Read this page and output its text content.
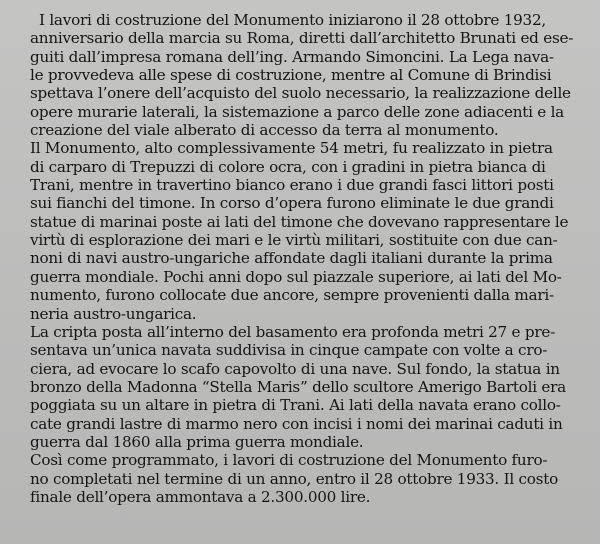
I lavori di costruzione del Monumento iniziarono il 28 ottobre 1932,
anniversario della marcia su Roma, diretti dall’architetto Brunati ed ese-
guiti dall’impresa romana dell’ing. Armando Simoncini. La Lega nava-
le provvedeva alle spese di costruzione, mentre al Comune di Brindisi
spettava l’onere dell’acquisto del suolo necessario, la realizzazione delle
opere murarie laterali, la sistemazione a parco delle zone adiacenti e la
creazione del viale alberato di accesso da terra al monumento.
Il Monumento, alto complessivamente 54 metri, fu realizzato in pietra
di carparo di Trepuzzi di colore ocra, con i gradini in pietra bianca di
Trani, mentre in travertino bianco erano i due grandi fasci littori posti
sui fianchi del timone. In corso d’opera furono eliminate le due grandi
statue di marinai poste ai lati del timone che dovevano rappresentare le
virtù di esplorazione dei mari e le virtù militari, sostituite con due can-
noni di navi austro-ungariche affondate dagli italiani durante la prima
guerra mondiale. Pochi anni dopo sul piazzale superiore, ai lati del Mo-
numento, furono collocate due ancore, sempre provenienti dalla mari-
neria austro-ungarica.
La cripta posta all’interno del basamento era profonda metri 27 e pre-
sentava un’unica navata suddivisa in cinque campate con volte a cro-
ciera, ad evocare lo scafo capovolto di una nave. Sul fondo, la statua in
bronzo della Madonna “Stella Maris” dello scultore Amerigo Bartoli era
poggiata su un altare in pietra di Trani. Ai lati della navata erano collo-
cate grandi lastre di marmo nero con incisi i nomi dei marinai caduti in
guerra dal 1860 alla prima guerra mondiale.
Così come programmato, i lavori di costruzione del Monumento furo-
no completati nel termine di un anno, entro il 28 ottobre 1933. Il costo
finale dell’opera ammontava a 2.300.000 lire.
